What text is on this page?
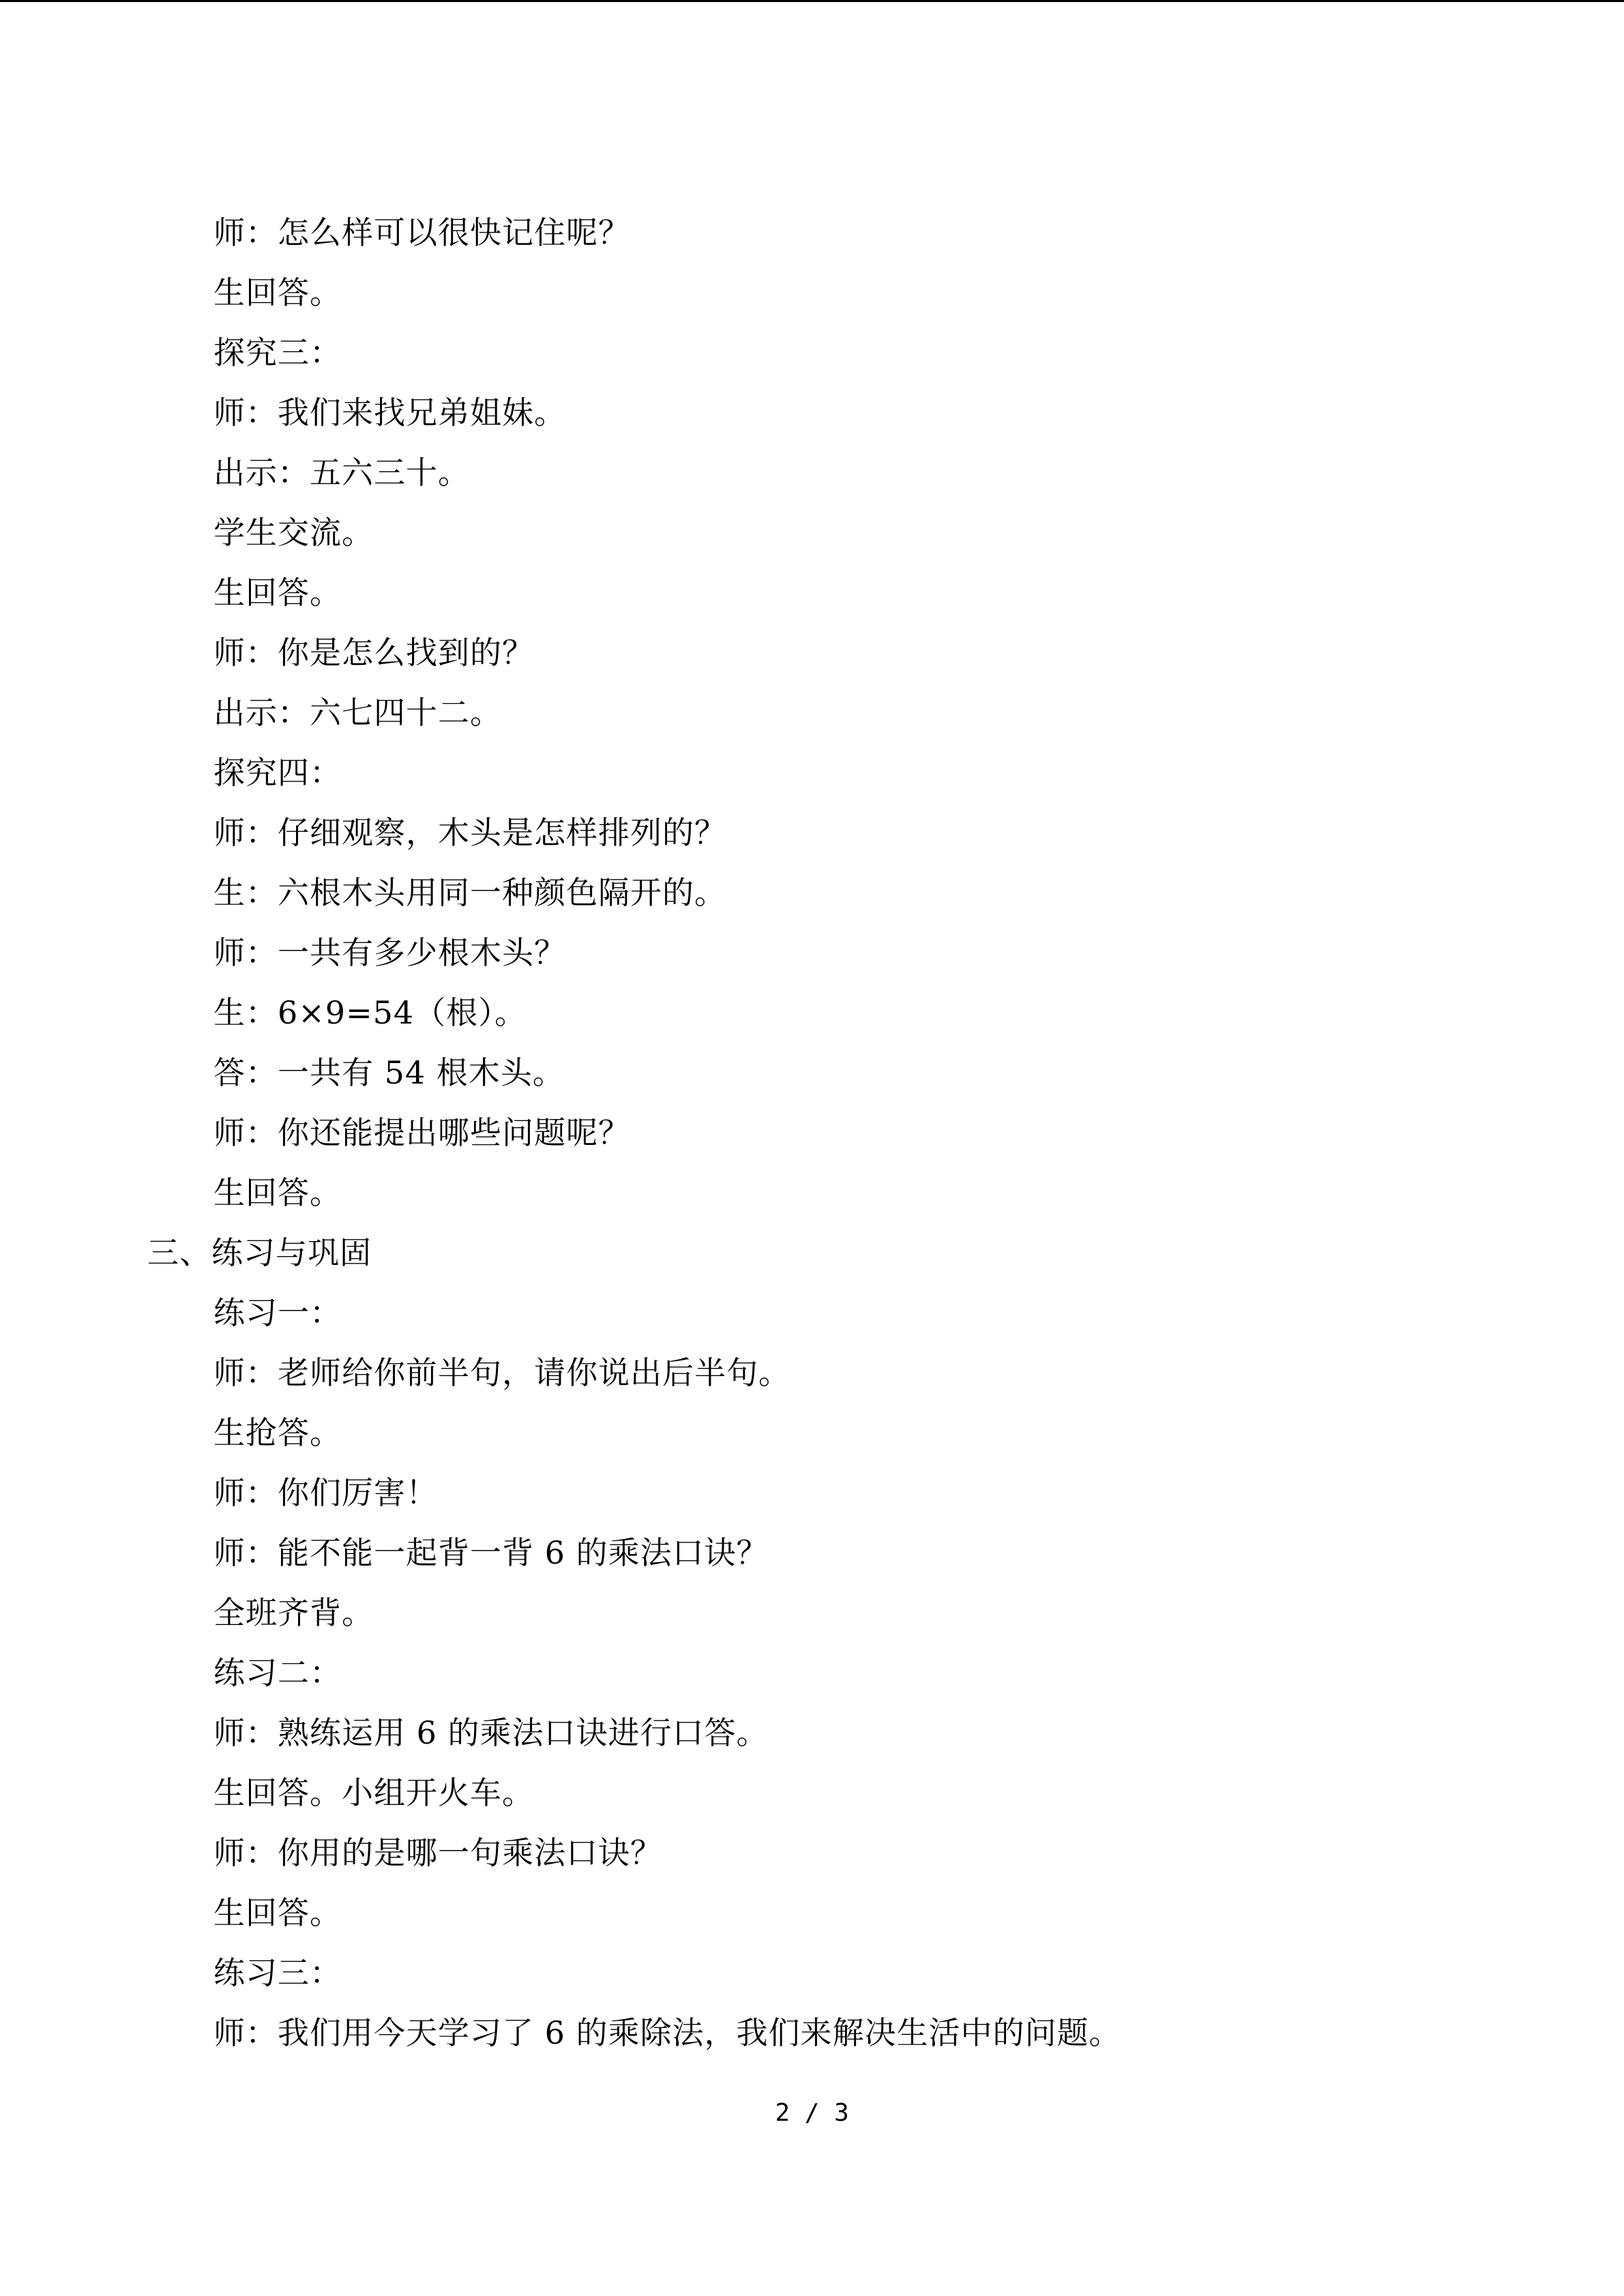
师：怎么样可以很快记住呢？
生回答。
探究三：
师：我们来找兄弟姐妹。
出示：五六三十。
学生交流。
生回答。
师：你是怎么找到的？
出示：六七四十二。
探究四：
师：仔细观察，木头是怎样排列的？
生：六根木头用同一种颜色隔开的。
师：一共有多少根木头？
生：6×9=54（根）。
答：一共有 54 根木头。
师：你还能提出哪些问题呢？
生回答。
三、练习与巩固
练习一：
师：老师给你前半句，请你说出后半句。
生抢答。
师：你们厉害！
师：能不能一起背一背 6 的乘法口诀？
全班齐背。
练习二：
师：熟练运用 6 的乘法口诀进行口答。
生回答。小组开火车。
师：你用的是哪一句乘法口诀？
生回答。
练习三：
师：我们用今天学习了 6 的乘除法，我们来解决生活中的问题。
2 / 3
